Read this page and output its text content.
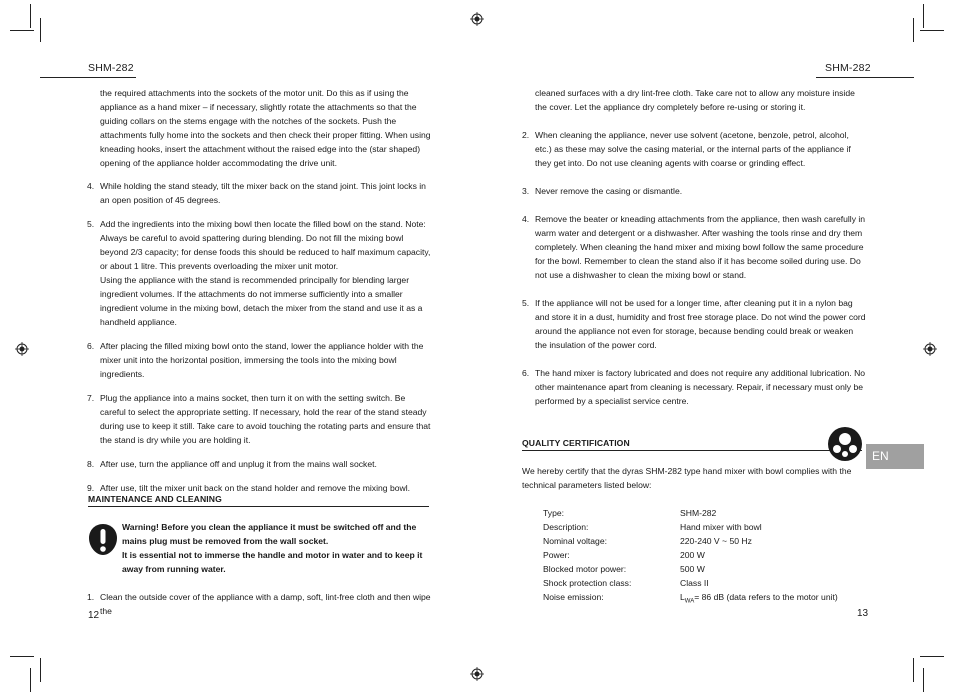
SHM-282

the required attachments into the sockets of the motor unit. Do this as if using the appliance as a hand mixer – if necessary, slightly rotate the attachments so that the guiding collars on the stems engage with the notches of the sockets. Push the attachments fully home into the sockets and then check their proper fitting. When using kneading hooks, insert the attachment without the raised edge into the (star shaped) opening of the appliance holder accommodating the drive unit.

4. While holding the stand steady, tilt the mixer back on the stand joint. This joint locks in an open position of 45 degrees.
5. Add the ingredients into the mixing bowl then locate the filled bowl on the stand. Note: Always be careful to avoid spattering during blending. Do not fill the mixing bowl beyond 2/3 capacity; for dense foods this should be reduced to half maximum capacity, or about 1 litre. This prevents overloading the mixer unit motor.
Using the appliance with the stand is recommended principally for blending larger ingredient volumes. If the attachments do not immerse sufficiently into a smaller ingredient volume in the mixing bowl, detach the mixer from the stand and use it as a handheld appliance.
6. After placing the filled mixing bowl onto the stand, lower the appliance holder with the mixer unit into the horizontal position, immersing the tools into the mixing bowl ingredients.
7. Plug the appliance into a mains socket, then turn it on with the setting switch. Be careful to select the appropriate setting. If necessary, hold the rear of the stand steady during use to keep it still. Take care to avoid touching the rotating parts and ensure that the stand is dry while you are holding it.
8. After use, turn the appliance off and unplug it from the mains wall socket.
9. After use, tilt the mixer unit back on the stand holder and remove the mixing bowl.
MAINTENANCE AND CLEANING
Warning! Before you clean the appliance it must be switched off and the mains plug must be removed from the wall socket.
It is essential not to immerse the handle and motor in water and to keep it away from running water.
1. Clean the outside cover of the appliance with a damp, soft, lint-free cloth and then wipe the
12
SHM-282

cleaned surfaces with a dry lint-free cloth. Take care not to allow any moisture inside the cover. Let the appliance dry completely before re-using or storing it.

2. When cleaning the appliance, never use solvent (acetone, benzole, petrol, alcohol, etc.) as these may solve the casing material, or the internal parts of the appliance if they get into. Do not use cleaning agents with coarse or grinding effect.
3. Never remove the casing or dismantle.
4. Remove the beater or kneading attachments from the appliance, then wash carefully in warm water and detergent or a dishwasher. After washing the tools rinse and dry them completely. When cleaning the hand mixer and mixing bowl follow the same procedure for the bowl. Remember to clean the stand also if it has become soiled during use. Do not use a dishwasher to clean the mixing bowl or stand.
5. If the appliance will not be used for a longer time, after cleaning put it in a nylon bag and store it in a dust, humidity and frost free storage place. Do not wind the power cord around the appliance not even for storage, because bending could break or weaken the insulation of the power cord.
6. The hand mixer is factory lubricated and does not require any additional lubrication. No other maintenance apart from cleaning is necessary. Repair, if necessary must only be performed by a specialist service centre.
QUALITY CERTIFICATION
EN

We hereby certify that the dyras SHM-282 type hand mixer with bowl complies with the technical parameters listed below:

Type:	SHM-282
Description:	Hand mixer with bowl
Nominal voltage:	220-240 V ~ 50 Hz
Power:	200 W
Blocked motor power:	500 W
Shock protection class:	Class II
Noise emission:	$L_{WA}= 86$ dB (data refers to the motor unit)
13
